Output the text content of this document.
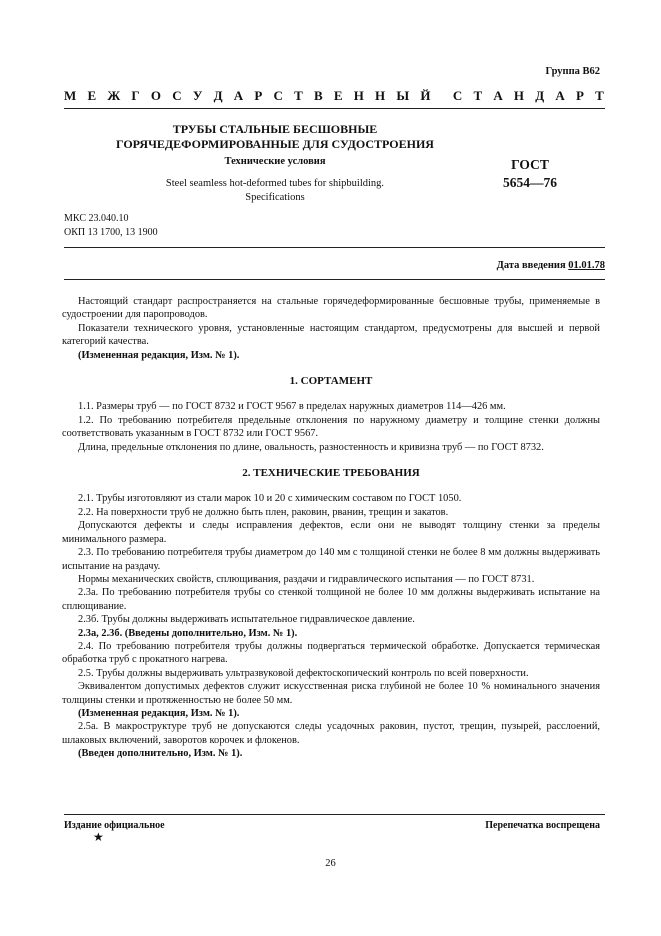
Группа В62
М Е Ж Г О С У Д А Р С Т В Е Н Н Ы Й С Т А Н Д А Р Т
ТРУБЫ СТАЛЬНЫЕ БЕСШОВНЫЕ
ГОРЯЧЕДЕФОРМИРОВАННЫЕ ДЛЯ СУДОСТРОЕНИЯ
Технические условия
Steel seamless hot-deformed tubes for shipbuilding.
Specifications
ГОСТ
5654—76
МКС 23.040.10
ОКП 13 1700, 13 1900
Дата введения 01.01.78

Настоящий стандарт распространяется на стальные горячедеформированные бесшовные трубы, применяемые в судостроении для паропроводов.

Показатели технического уровня, установленные настоящим стандартом, предусмотрены для высшей и первой категорий качества.

(Измененная редакция, Изм. № 1).

1. СОРТАМЕНТ

1.1. Размеры труб — по ГОСТ 8732 и ГОСТ 9567 в пределах наружных диаметров 114—426 мм.

1.2. По требованию потребителя предельные отклонения по наружному диаметру и толщине стенки должны соответствовать указанным в ГОСТ 8732 или ГОСТ 9567.

Длина, предельные отклонения по длине, овальность, разностенность и кривизна труб — по ГОСТ 8732.

2. ТЕХНИЧЕСКИЕ ТРЕБОВАНИЯ

2.1. Трубы изготовляют из стали марок 10 и 20 с химическим составом по ГОСТ 1050.

2.2. На поверхности труб не должно быть плен, раковин, рванин, трещин и закатов.

Допускаются дефекты и следы исправления дефектов, если они не выводят толщину стенки за пределы минимального размера.

2.3. По требованию потребителя трубы диаметром до 140 мм с толщиной стенки не более 8 мм должны выдерживать испытание на раздачу.

Нормы механических свойств, сплющивания, раздачи и гидравлического испытания — по ГОСТ 8731.

2.3а. По требованию потребителя трубы со стенкой толщиной не более 10 мм должны выдерживать испытание на сплющивание.

2.3б. Трубы должны выдерживать испытательное гидравлическое давление.

2.3а, 2.3б. (Введены дополнительно, Изм. № 1).

2.4. По требованию потребителя трубы должны подвергаться термической обработке. Допускается термическая обработка труб с прокатного нагрева.

2.5. Трубы должны выдерживать ультразвуковой дефектоскопический контроль по всей поверхности.

Эквивалентом допустимых дефектов служит искусственная риска глубиной не более 10 % номинального значения толщины стенки и протяженностью не более 50 мм.

(Измененная редакция, Изм. № 1).

2.5а. В макроструктуре труб не допускаются следы усадочных раковин, пустот, трещин, пузырей, расслоений, шлаковых включений, заворотов корочек и флокенов.

(Введен дополнительно, Изм. № 1).

Издание официальное	Перепечатка воспрещена
★
26
